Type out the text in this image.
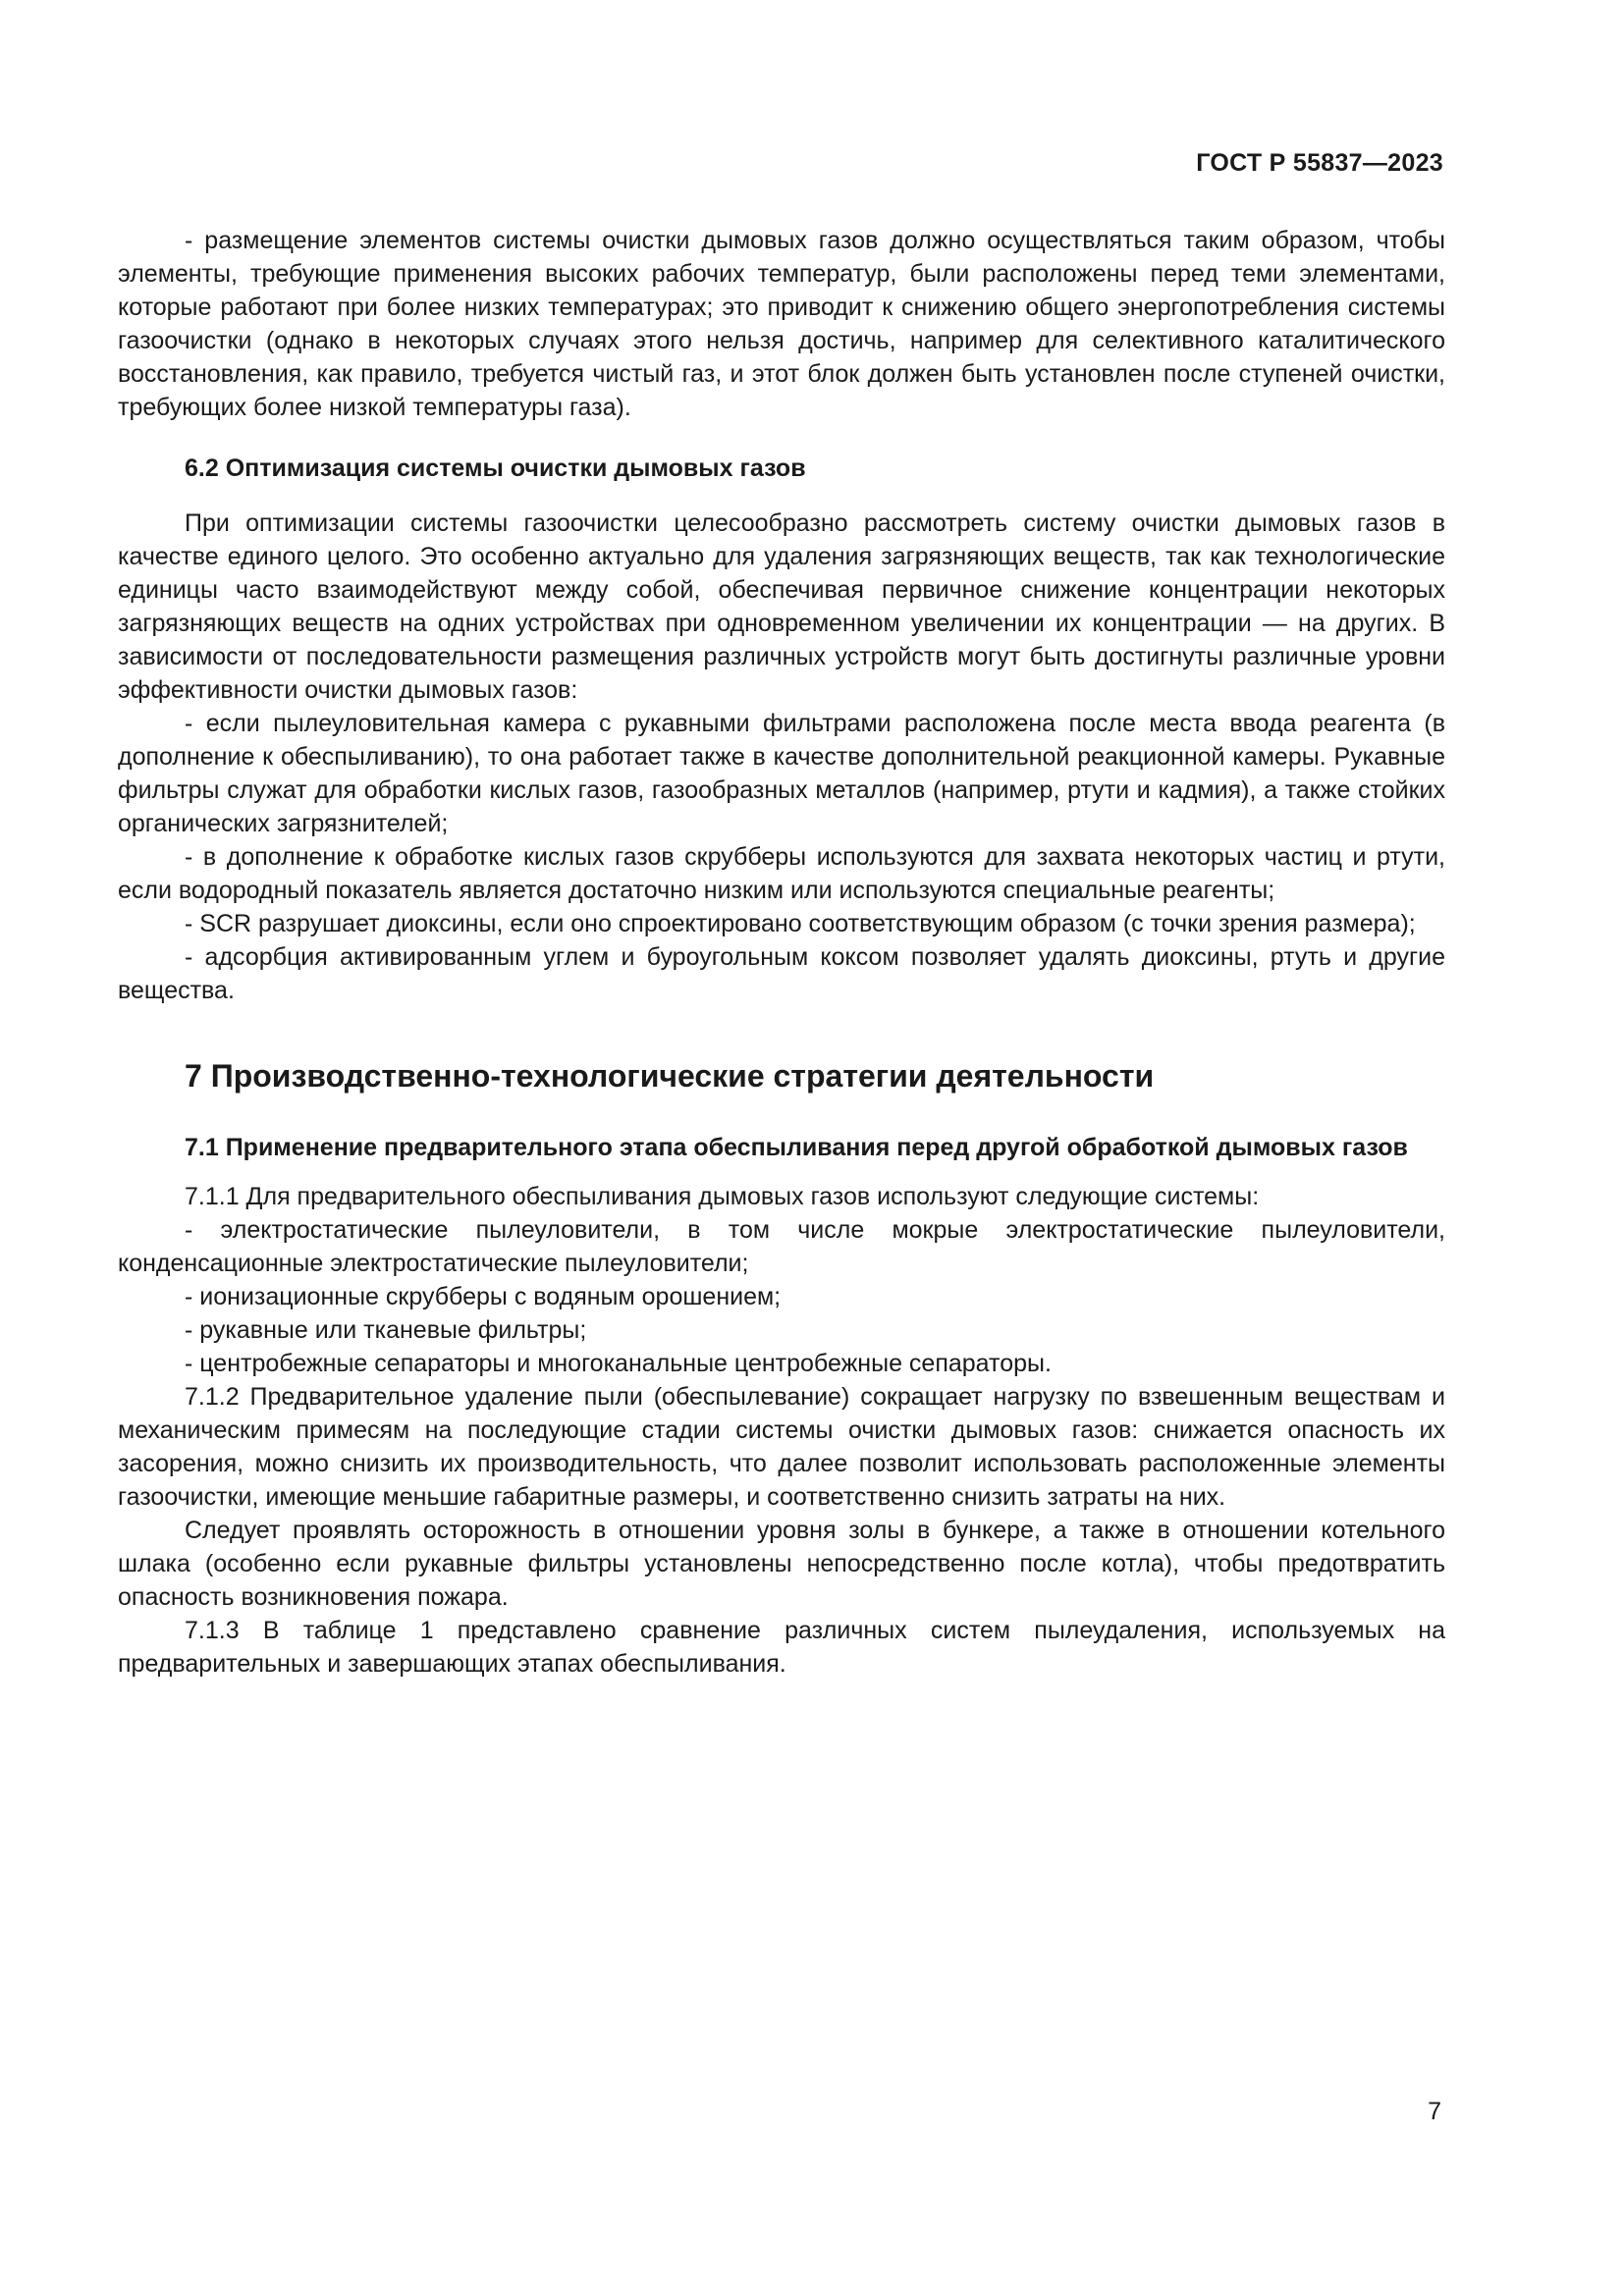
ГОСТ Р 55837—2023

- размещение элементов системы очистки дымовых газов должно осуществляться таким образом, чтобы элементы, требующие применения высоких рабочих температур, были расположены перед теми элементами, которые работают при более низких температурах; это приводит к снижению общего энергопотребления системы газоочистки (однако в некоторых случаях этого нельзя достичь, например для селективного каталитического восстановления, как правило, требуется чистый газ, и этот блок должен быть установлен после ступеней очистки, требующих более низкой температуры газа).

6.2 Оптимизация системы очистки дымовых газов

При оптимизации системы газоочистки целесообразно рассмотреть систему очистки дымовых газов в качестве единого целого. Это особенно актуально для удаления загрязняющих веществ, так как технологические единицы часто взаимодействуют между собой, обеспечивая первичное снижение концентрации некоторых загрязняющих веществ на одних устройствах при одновременном увеличении их концентрации — на других. В зависимости от последовательности размещения различных устройств могут быть достигнуты различные уровни эффективности очистки дымовых газов:

- если пылеуловительная камера с рукавными фильтрами расположена после места ввода реагента (в дополнение к обеспыливанию), то она работает также в качестве дополнительной реакционной камеры. Рукавные фильтры служат для обработки кислых газов, газообразных металлов (например, ртути и кадмия), а также стойких органических загрязнителей;

- в дополнение к обработке кислых газов скрубберы используются для захвата некоторых частиц и ртути, если водородный показатель является достаточно низким или используются специальные реагенты;

- SCR разрушает диоксины, если оно спроектировано соответствующим образом (с точки зрения размера);

- адсорбция активированным углем и буроугольным коксом позволяет удалять диоксины, ртуть и другие вещества.

7 Производственно-технологические стратегии деятельности
7.1 Применение предварительного этапа обеспыливания перед другой обработкой дымовых газов

7.1.1 Для предварительного обеспыливания дымовых газов используют следующие системы:

- электростатические пылеуловители, в том числе мокрые электростатические пылеуловители, конденсационные электростатические пылеуловители;

- ионизационные скрубберы с водяным орошением;

- рукавные или тканевые фильтры;

- центробежные сепараторы и многоканальные центробежные сепараторы.

7.1.2 Предварительное удаление пыли (обеспылевание) сокращает нагрузку по взвешенным веществам и механическим примесям на последующие стадии системы очистки дымовых газов: снижается опасность их засорения, можно снизить их производительность, что далее позволит использовать расположенные элементы газоочистки, имеющие меньшие габаритные размеры, и соответственно снизить затраты на них.

Следует проявлять осторожность в отношении уровня золы в бункере, а также в отношении котельного шлака (особенно если рукавные фильтры установлены непосредственно после котла), чтобы предотвратить опасность возникновения пожара.

7.1.3 В таблице 1 представлено сравнение различных систем пылеудаления, используемых на предварительных и завершающих этапах обеспыливания.

7
